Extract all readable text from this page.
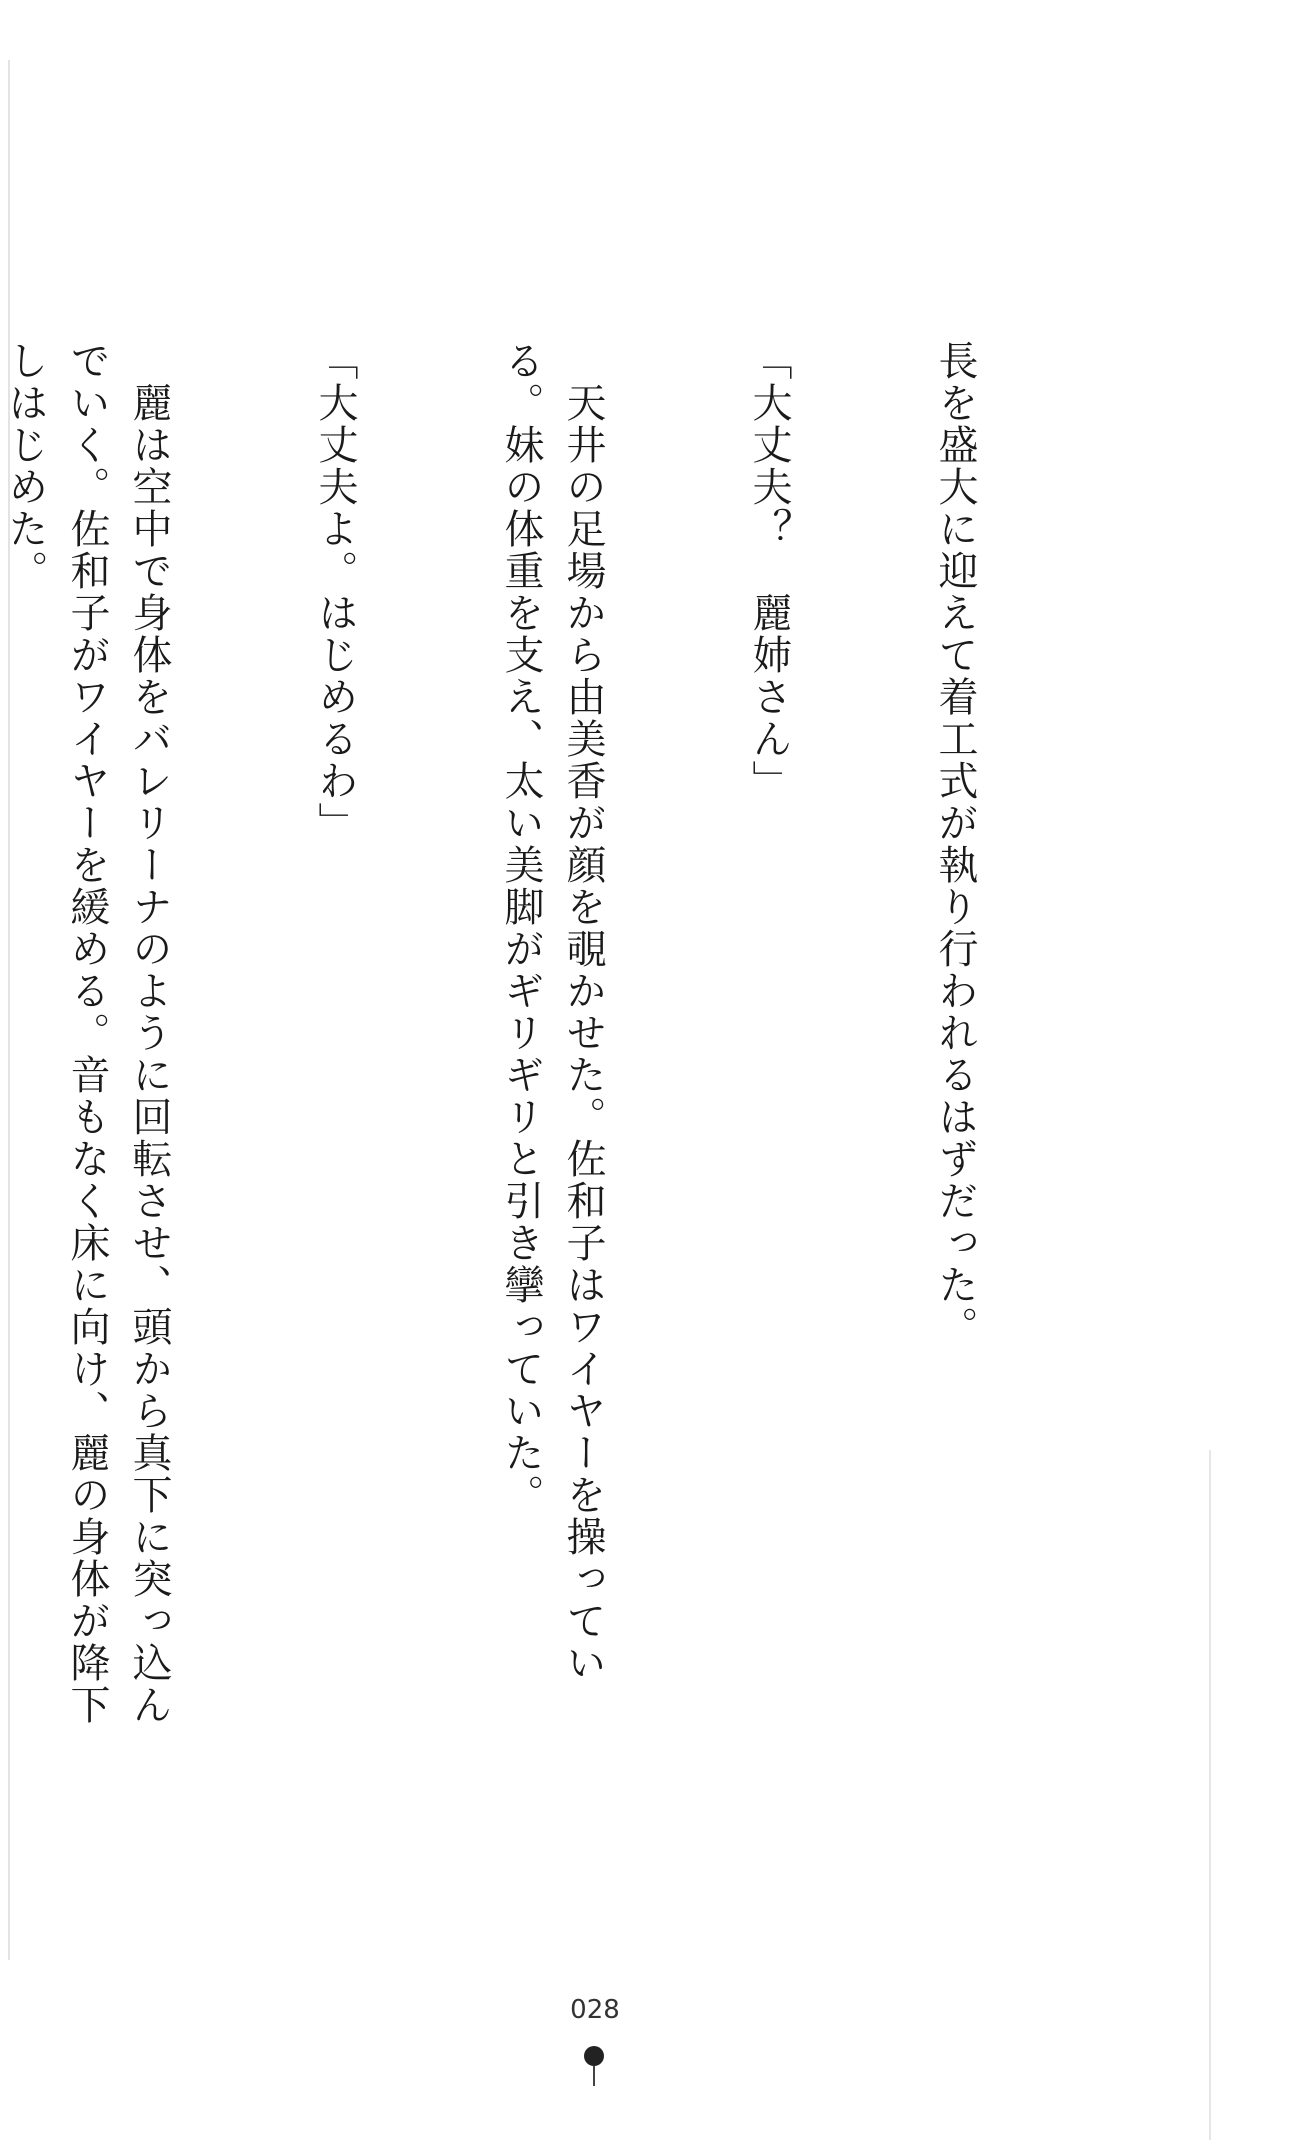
長を盛大に迎えて着工式が執り行われるはずだった。

「大丈夫？　麗姉さん」

　天井の足場から由美香が顔を覗かせた。佐和子はワイヤーを操っている。妹の体重を支え、太い美脚がギリギリと引き攣っていた。

「大丈夫よ。はじめるわ」

　麗は空中で身体をバレリーナのように回転させ、頭から真下に突っ込んでいく。佐和子がワイヤーを緩める。音もなく床に向け、麗の身体が降下しはじめた。

028
